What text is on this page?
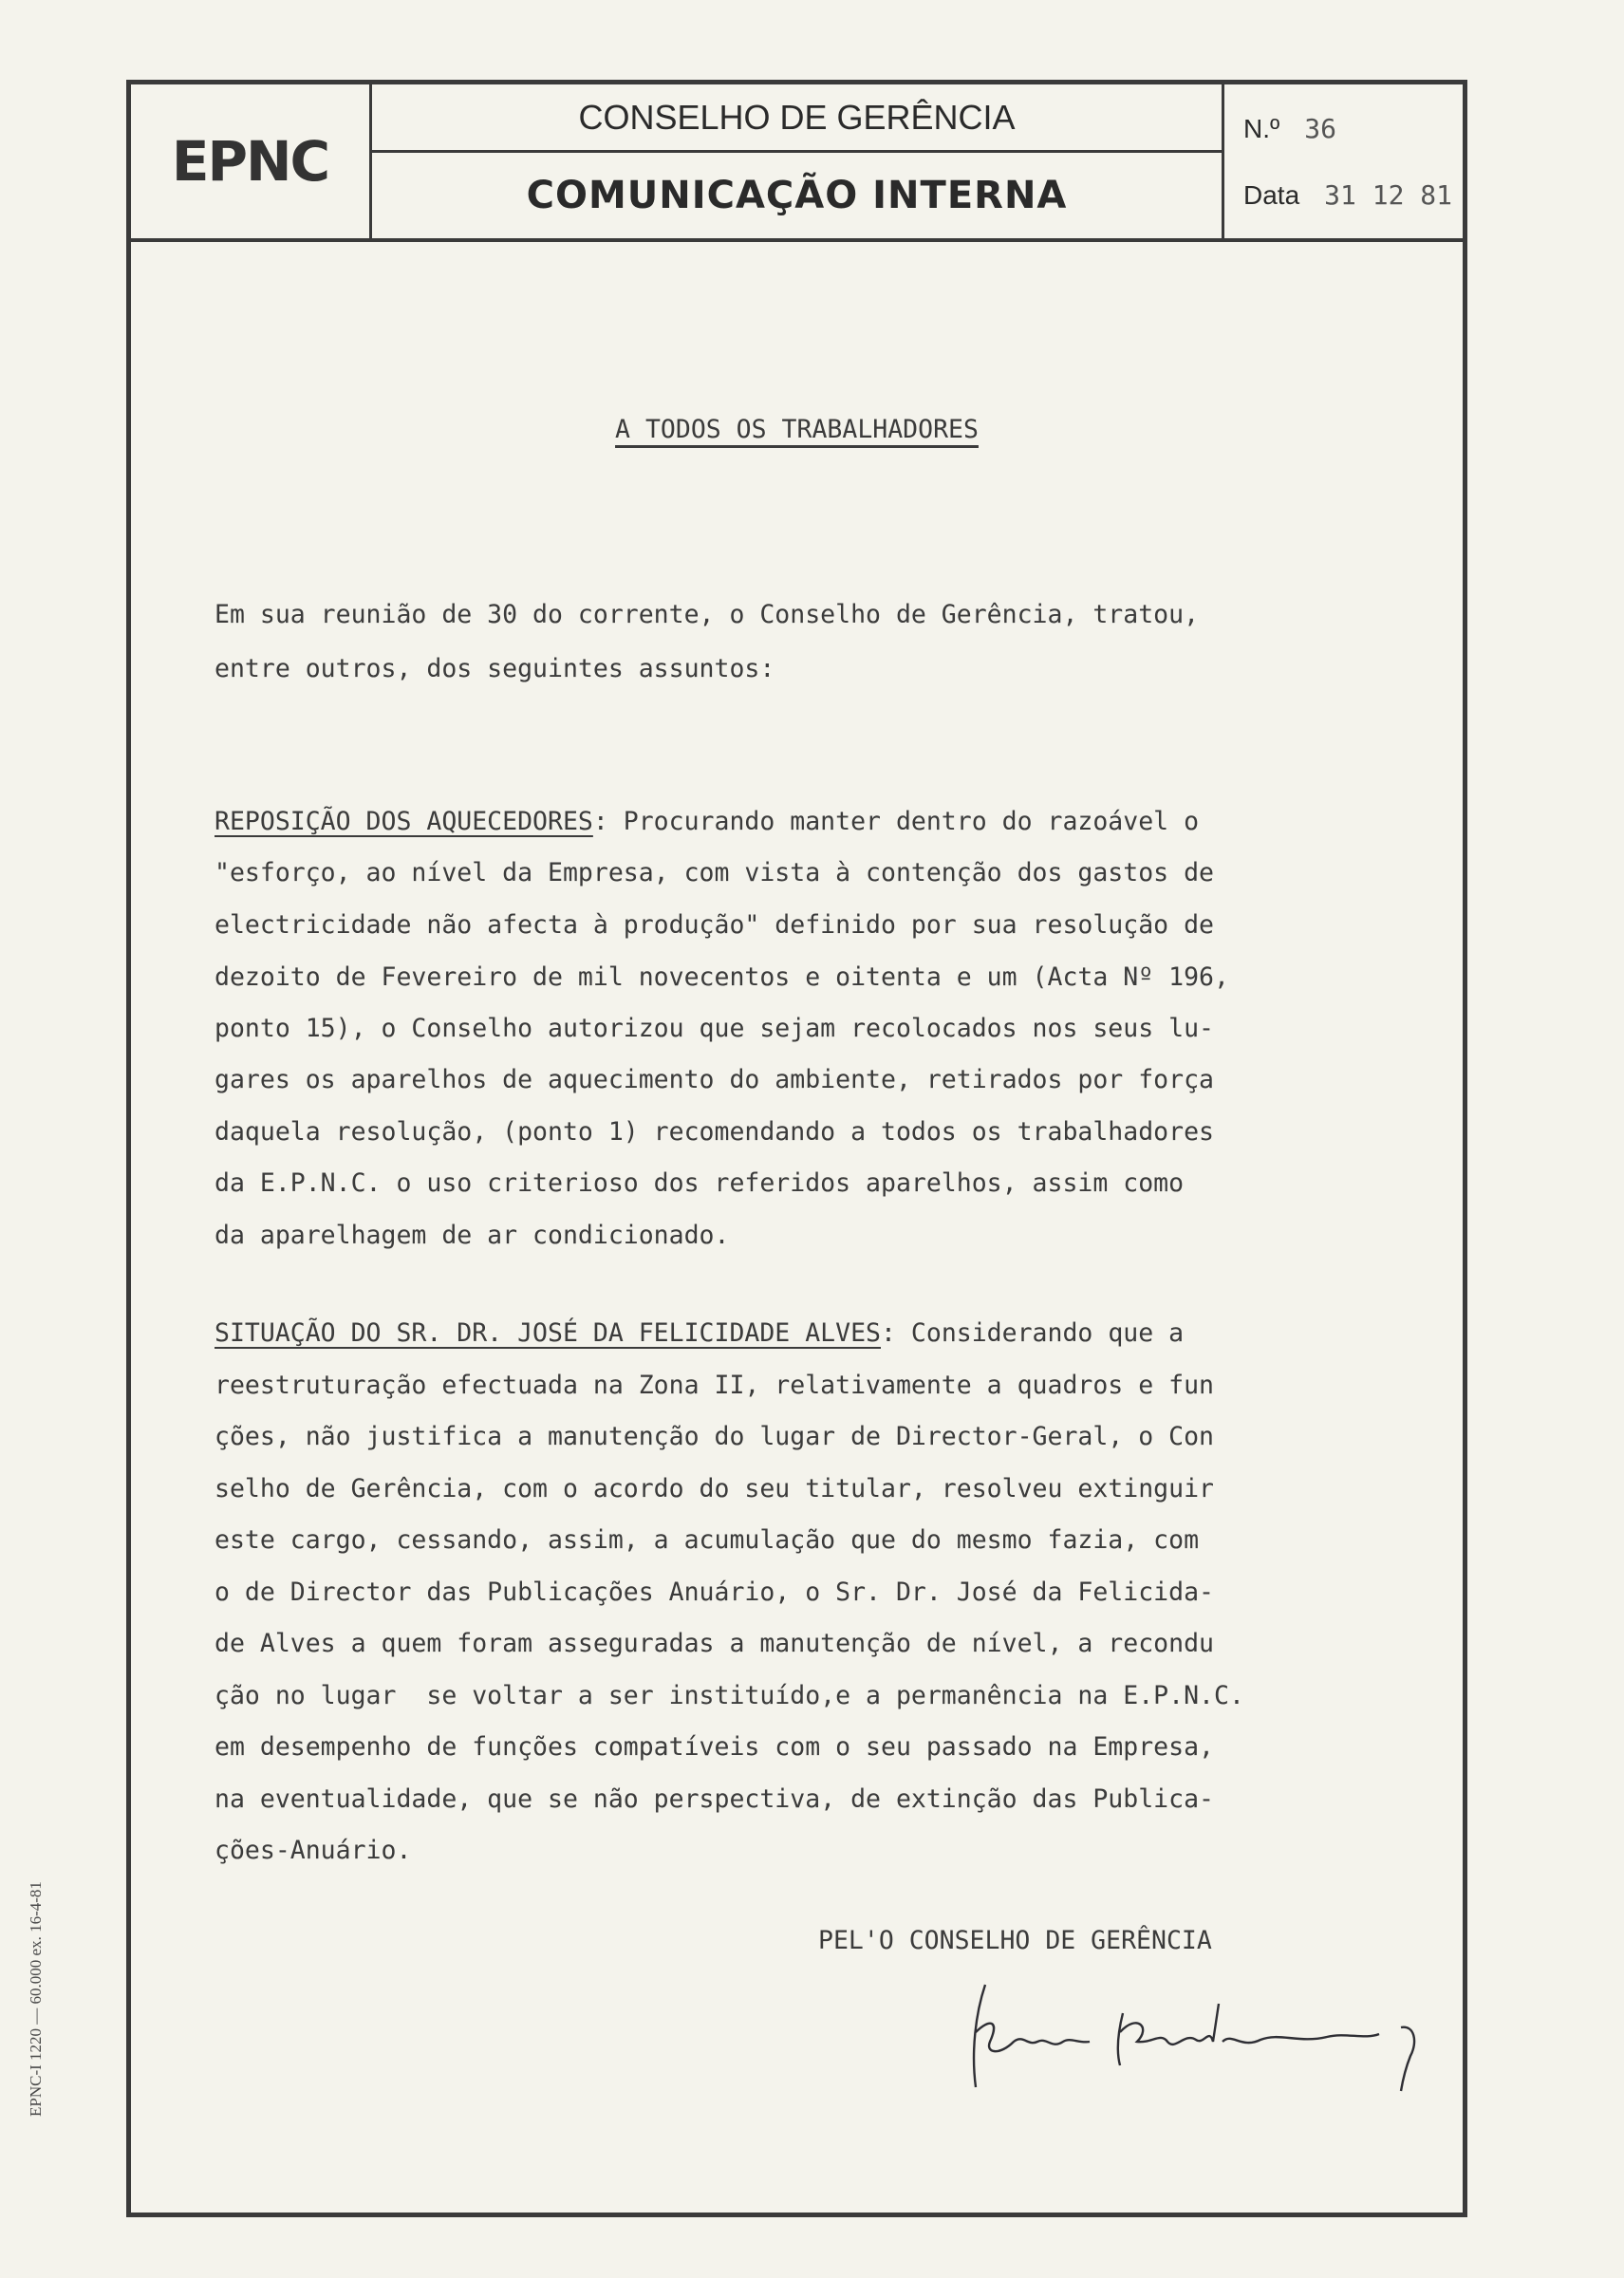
EPNC
CONSELHO DE GERÊNCIA
COMUNICAÇÃO INTERNA
N.º 36
Data 31 12 81
A TODOS OS TRABALHADORES
Em sua reunião de 30 do corrente, o Conselho de Gerência, tratou,
entre outros, dos seguintes assuntos:
REPOSIÇÃO DOS AQUECEDORES: Procurando manter dentro do razoável o
"esforço, ao nível da Empresa, com vista à contenção dos gastos de
electricidade não afecta à produção" definido por sua resolução de
dezoito de Fevereiro de mil novecentos e oitenta e um (Acta Nº 196,
ponto 15), o Conselho autorizou que sejam recolocados nos seus lu-
gares os aparelhos de aquecimento do ambiente, retirados por força
daquela resolução, (ponto 1) recomendando a todos os trabalhadores
da E.P.N.C. o uso criterioso dos referidos aparelhos, assim como
da aparelhagem de ar condicionado.
SITUAÇÃO DO SR. DR. JOSÉ DA FELICIDADE ALVES: Considerando que a
reestruturação efectuada na Zona II, relativamente a quadros e fun
ções, não justifica a manutenção do lugar de Director-Geral, o Con
selho de Gerência, com o acordo do seu titular, resolveu extinguir
este cargo, cessando, assim, a acumulação que do mesmo fazia, com
o de Director das Publicações Anuário, o Sr. Dr. José da Felicida-
de Alves a quem foram asseguradas a manutenção de nível, a recondu
ção no lugar  se voltar a ser instituído,e a permanência na E.P.N.C.
em desempenho de funções compatíveis com o seu passado na Empresa,
na eventualidade, que se não perspectiva, de extinção das Publica-
ções-Anuário.
PEL'O CONSELHO DE GERÊNCIA
EPNC-I 1220 — 60.000 ex. 16-4-81
